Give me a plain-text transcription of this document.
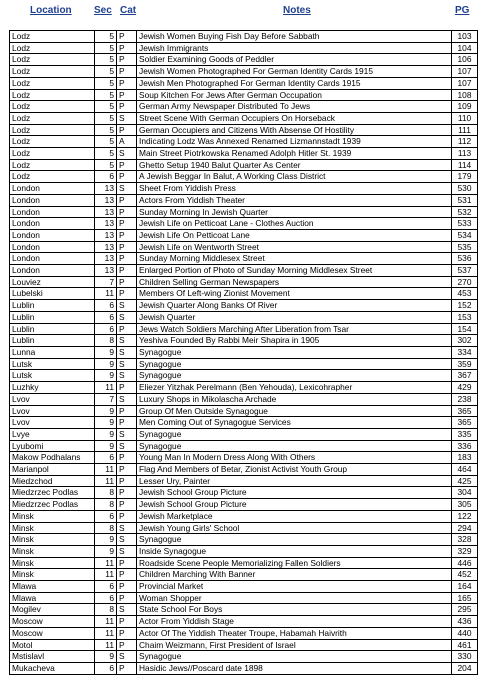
Location Sec Cat	Notes	PG
Lodz	5	P	Jewish Women Buying Fish Day Before Sabbath	103
Lodz	5	P	Jewish Immigrants	104
Lodz	5	P	Soldier Examining Goods of Peddler	106
Lodz	5	P	Jewish Women Photographed For German Identity Cards 1915	107
Lodz	5	P	Jewish Men Photographed For German Identity Cards 1915	107
Lodz	5	P	Soup Kitchen For Jews After German Occupation	108
Lodz	5	P	German Army Newspaper Distributed To Jews	109
Lodz	5	S	Street Scene With German Occupiers On Horseback	110
Lodz	5	P	German Occupiers and Citizens With Absense Of Hostility	111
Lodz	5	A	Indicating Lodz Was Annexed Renamed Lizmannstadt 1939	112
Lodz	5	S	Main Street Piotrkowska Renamed Adolph Hitler St. 1939	113
Lodz	5	P	Ghetto Setup 1940 Balut Quarter As Center	114
Lodz	6	P	A Jewish Beggar In Balut, A Working Class District	179
London	13	S	Sheet From Yiddish Press	530
London	13	P	Actors From Yiddish Theater	531
London	13	P	Sunday Morning In Jewish Quarter	532
London	13	P	Jewish Life on Petticoat Lane - Clothes Auction	533
London	13	P	Jewish Life On Petticoat Lane	534
London	13	P	Jewish Life on Wentworth Street	535
London	13	P	Sunday Morning Middlesex Street	536
London	13	P	Enlarged Portion of Photo of Sunday Morning Middlesex Street	537
Louviez	7	P	Children Selling German Newspapers	270
Lubelski	11	P	Members Of Left-wing Zionist Movement	453
Lublin	6	S	Jewish Quarter Along Banks Of River	152
Lublin	6	S	Jewish Quarter	153
Lublin	6	P	Jews Watch Soldiers Marching After Liberation from Tsar	154
Lublin	8	S	Yeshiva Founded By Rabbi Meir Shapira in 1905	302
Lunna	9	S	Synagogue	334
Lutsk	9	S	Synagogue	359
Lutsk	9	S	Synagogue	367
Luzhky	11	P	Eliezer Yitzhak Perelmann (Ben Yehouda), Lexicohrapher	429
Lvov	7	S	Luxury Shops in Mikolascha Archade	238
Lvov	9	P	Group Of Men Outside Synagogue	365
Lvov	9	P	Men Coming Out of Synagogue Services	365
Lvye	9	S	Synagogue	335
Lyubomi	9	S	Synagogue	336
Makow Podhalans	6	P	Young Man In Modern Dress Along With Others	183
Marianpol	11	P	Flag And Members of Betar, Zionist Activist Youth Group	464
Miedzchod	11	P	Lesser Ury, Painter	425
Miedzrzec Podlas	8	P	Jewish School Group Picture	304
Miedzrzec Podlas	8	P	Jewish School Group Picture	305
Minsk	6	P	Jewish Marketplace	122
Minsk	8	S	Jewish Young Girls' School	294
Minsk	9	S	Synagogue	328
Minsk	9	S	Inside Synagogue	329
Minsk	11	P	Roadside Scene People Memorializing Fallen Soldiers	446
Minsk	11	P	Children Marching With Banner	452
Mlawa	6	P	Provincial Market	164
Mlawa	6	P	Woman Shopper	165
Mogilev	8	S	State School For Boys	295
Moscow	11	P	Actor From Yiddish Stage	436
Moscow	11	P	Actor Of The Yiddish Theater Troupe, Habamah Haivrith	440
Motol	11	P	Chaim Weizmann, First President of Israel	461
Mstislavl	9	S	Synagogue	330
Mukacheva	6	P	Hasidic Jews//Poscard date 1898	204
